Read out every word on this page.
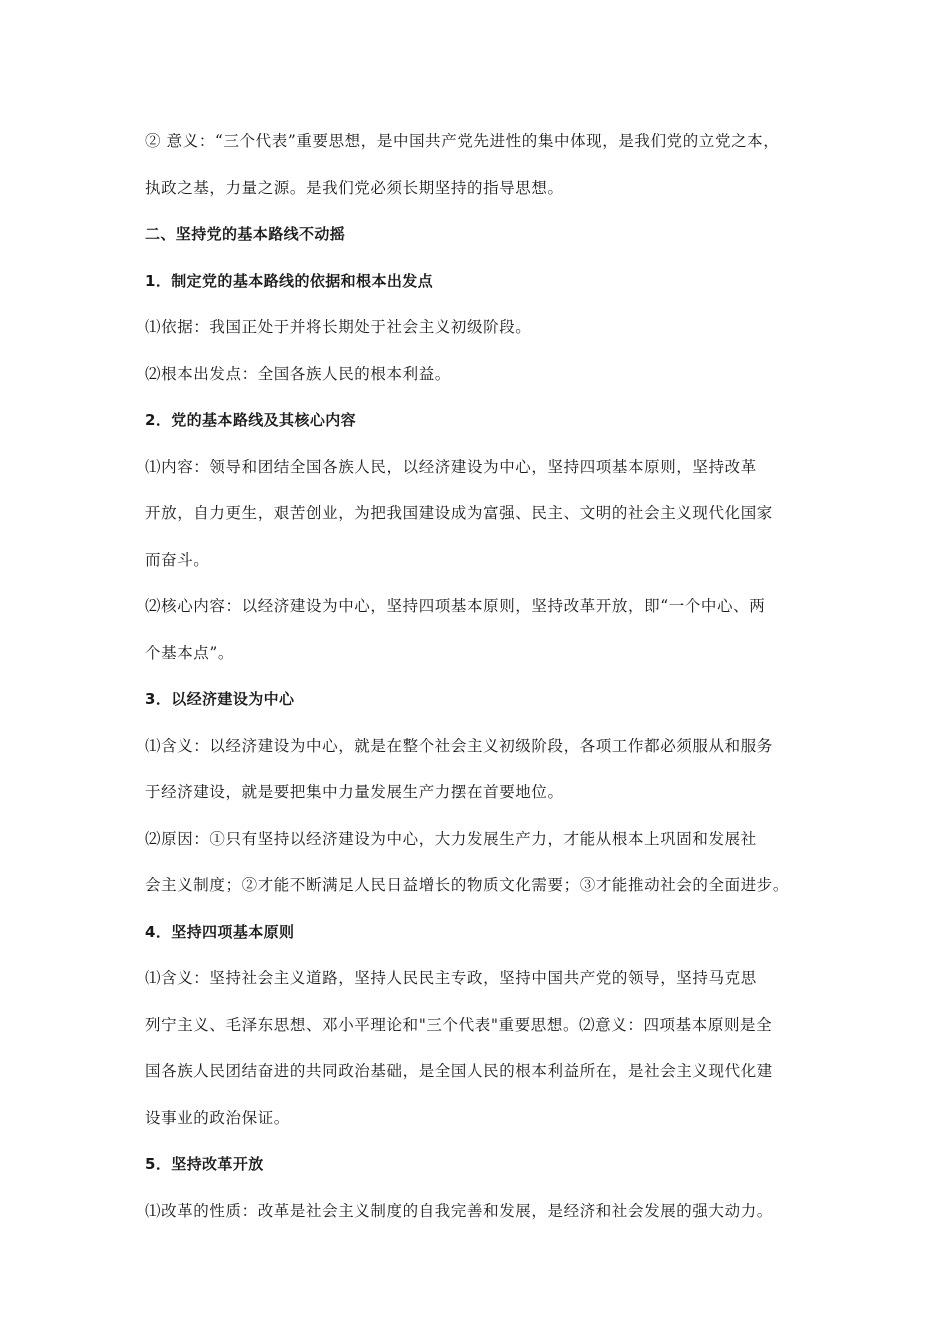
② 意义：“三个代表”重要思想，是中国共产党先进性的集中体现，是我们党的立党之本，
执政之基，力量之源。是我们党必须长期坚持的指导思想。
二、坚持党的基本路线不动摇
1．制定党的基本路线的依据和根本出发点
⑴依据：我国正处于并将长期处于社会主义初级阶段。
⑵根本出发点：全国各族人民的根本利益。
2．党的基本路线及其核心内容
⑴内容：领导和团结全国各族人民，以经济建设为中心，坚持四项基本原则，坚持改革
开放，自力更生，艰苦创业，为把我国建设成为富强、民主、文明的社会主义现代化国家
而奋斗。
⑵核心内容：以经济建设为中心，坚持四项基本原则，坚持改革开放，即“一个中心、两
个基本点”。
3．以经济建设为中心
⑴含义：以经济建设为中心，就是在整个社会主义初级阶段，各项工作都必须服从和服务
于经济建设，就是要把集中力量发展生产力摆在首要地位。
⑵原因：①只有坚持以经济建设为中心，大力发展生产力，才能从根本上巩固和发展社
会主义制度；②才能不断满足人民日益增长的物质文化需要；③才能推动社会的全面进步。
4．坚持四项基本原则
⑴含义：坚持社会主义道路，坚持人民民主专政，坚持中国共产党的领导，坚持马克思
列宁主义、毛泽东思想、邓小平理论和"三个代表"重要思想。⑵意义：四项基本原则是全
国各族人民团结奋进的共同政治基础，是全国人民的根本利益所在，是社会主义现代化建
设事业的政治保证。
5．坚持改革开放
⑴改革的性质：改革是社会主义制度的自我完善和发展，是经济和社会发展的强大动力。
